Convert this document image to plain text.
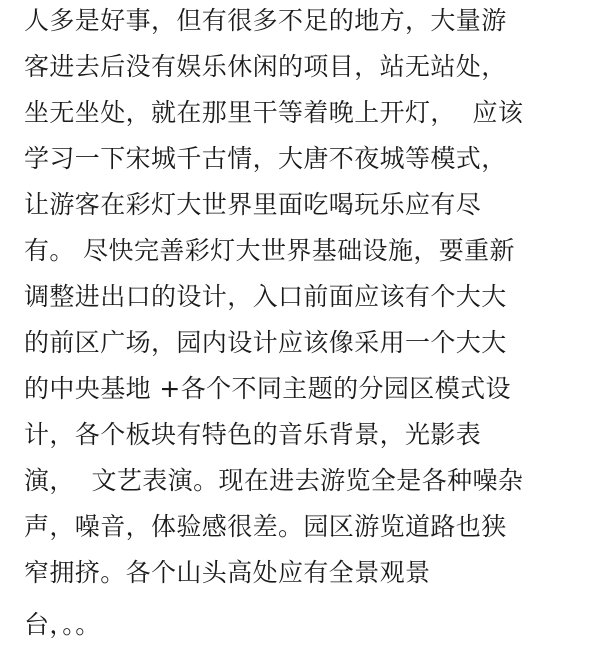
人多是好事，但有很多不足的地方，大量游
客进去后没有娱乐休闲的项目，站无站处，
坐无坐处，就在那里干等着晚上开灯，  应该
学习一下宋城千古情，大唐不夜城等模式，
让游客在彩灯大世界里面吃喝玩乐应有尽
有。 尽快完善彩灯大世界基础设施，要重新
调整进出口的设计，入口前面应该有个大大
的前区广场，园内设计应该像采用一个大大
的中央基地 +各个不同主题的分园区模式设
计，各个板块有特色的音乐背景，光影表
演，  文艺表演。现在进去游览全是各种噪杂
声，噪音，体验感很差。园区游览道路也狭
窄拥挤。各个山头高处应有全景观景
台，。。
